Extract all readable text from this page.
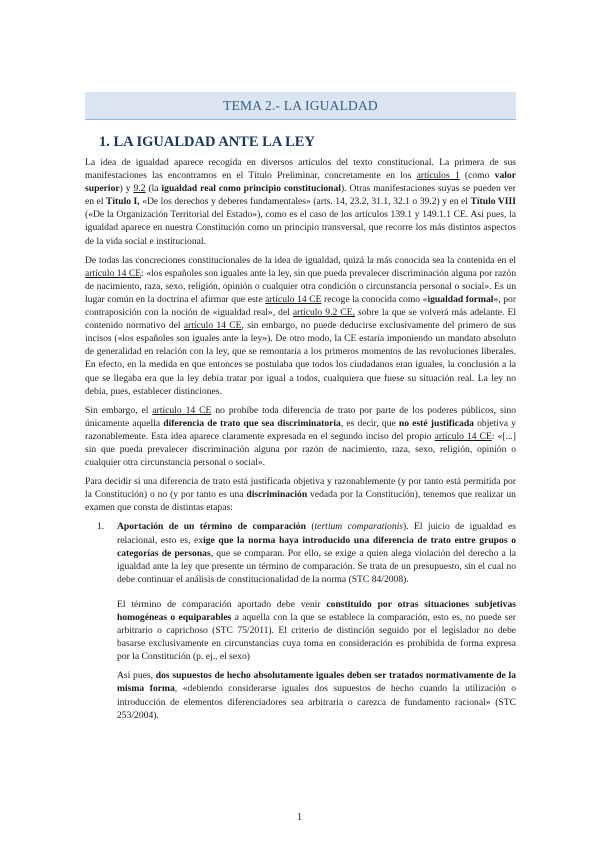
TEMA 2.- LA IGUALDAD
1. LA IGUALDAD ANTE LA LEY

La idea de igualdad aparece recogida en diversos artículos del texto constitucional. La primera de sus manifestaciones las encontramos en el Título Preliminar, concretamente en los artículos 1 (como valor superior) y 9.2 (la igualdad real como principio constitucional). Otras manifestaciones suyas se pueden ver en el Título I, «De los derechos y deberes fundamentales» (arts. 14, 23.2, 31.1, 32.1 o 39.2) y en el Título VIII («De la Organización Territorial del Estado»), como es el caso de los artículos 139.1 y 149.1.1 CE. Así pues, la igualdad aparece en nuestra Constitución como un principio transversal, que recorre los más distintos aspectos de la vida social e institucional.

De todas las concreciones constitucionales de la idea de igualdad, quizá la más conocida sea la contenida en el artículo 14 CE: «los españoles son iguales ante la ley, sin que pueda prevalecer discriminación alguna por razón de nacimiento, raza, sexo, religión, opinión o cualquier otra condición o circunstancia personal o social». Es un lugar común en la doctrina el afirmar que este artículo 14 CE recoge la conocida como «igualdad formal», por contraposición con la noción de «igualdad real», del artículo 9.2 CE, sobre la que se volverá más adelante. El contenido normativo del artículo 14 CE, sin embargo, no puede deducirse exclusivamente del primero de sus incisos («los españoles son iguales ante la ley»). De otro modo, la CE estaría imponiendo un mandato absoluto de generalidad en relación con la ley, que se remontaría a los primeros momentos de las revoluciones liberales. En efecto, en la medida en que entonces se postulaba que todos los ciudadanos eran iguales, la conclusión a la que se llegaba era que la ley debía tratar por igual a todos, cualquiera que fuese su situación real. La ley no debía, pues, establecer distinciones.

Sin embargo, el artículo 14 CE no prohíbe toda diferencia de trato por parte de los poderes públicos, sino únicamente aquella diferencia de trato que sea discriminatoria, es decir, que no esté justificada objetiva y razonablemente. Esta idea aparece claramente expresada en el segundo inciso del propio artículo 14 CE: «[...] sin que pueda prevalecer discriminación alguna por razón de nacimiento, raza, sexo, religión, opinión o cualquier otra circunstancia personal o social».

Para decidir si una diferencia de trato está justificada objetiva y razonablemente (y por tanto está permitida por la Constitución) o no (y por tanto es una discriminación vedada por la Constitución), tenemos que realizar un examen que consta de distintas etapas:

1.	Aportación de un término de comparación (tertium comparationis). El juicio de igualdad es relacional, esto es, exige que la norma haya introducido una diferencia de trato entre grupos o categorías de personas, que se comparan. Por ello, se exige a quien alega violación del derecho a la igualdad ante la ley que presente un término de comparación. Se trata de un presupuesto, sin el cual no debe continuar el análisis de constitucionalidad de la norma (STC 84/2008).

El término de comparación aportado debe venir constituido por otras situaciones subjetivas homogéneas o equiparables a aquella con la que se establece la comparación, esto es, no puede ser arbitrario o caprichoso (STC 75/2011). El criterio de distinción seguido por el legislador no debe basarse exclusivamente en circunstancias cuya toma en consideración es prohibida de forma expresa por la Constitución (p. ej., el sexo)

Así pues, dos supuestos de hecho absolutamente iguales deben ser tratados normativamente de la misma forma, «debiendo considerarse iguales dos supuestos de hecho cuando la utilización o introducción de elementos diferenciadores sea arbitraria o carezca de fundamento racional» (STC 253/2004).

1
